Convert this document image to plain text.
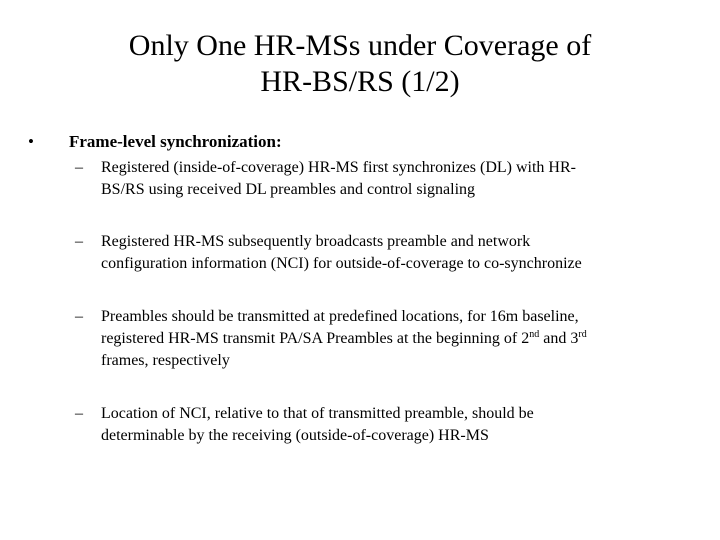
Only One HR-MSs under Coverage of
HR-BS/RS (1/2)
• Frame-level synchronization:
– Registered (inside-of-coverage) HR-MS first synchronizes (DL) with HR-
BS/RS using received DL preambles and control signaling
– Registered HR-MS subsequently broadcasts preamble and network
configuration information (NCI) for outside-of-coverage to co-synchronize
– Preambles should be transmitted at predefined locations, for 16m baseline,
registered HR-MS transmit PA/SA Preambles at the beginning of 2nd and 3rd
frames, respectively
– Location of NCI, relative to that of transmitted preamble, should be
determinable by the receiving (outside-of-coverage) HR-MS
